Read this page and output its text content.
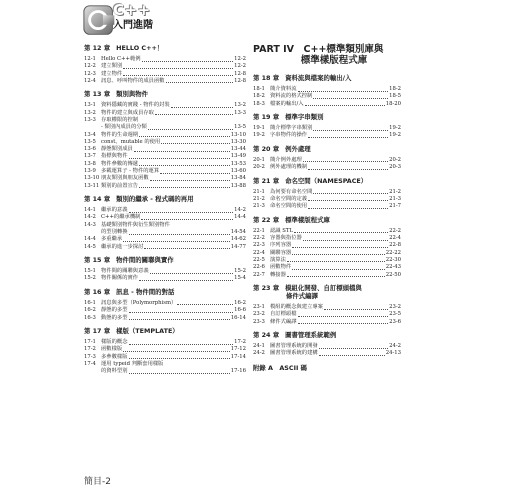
C++
入門進階
第 12 章 HELLO C++！
12-1 Hello C++範例	12-2
12-2 建立類別	12-2
12-3 建立物件	12-8
12-4 訊息、呼叫物件的成員函數	12-8
第 13 章 類別與物件
13-1 資料隱藏的實踐 - 物件的封裝	13-2
13-2 物件的建立與成員存取	13-3
13-3 存取權限的控制
- 類別內成員的分類	13-5
13-4 物件的生命週期	13-10
13-5 const、mutable 的使用	13-30
13-6 靜態類別成員	13-44
13-7 指標與物件	13-49
13-8 物件參數的傳遞	13-53
13-9 多載運算子 - 物件的運算	13-60
13-10 朋友類別與朋友函數	13-84
13-11 類別的前置宣告	13-88
第 14 章 類別的繼承 - 程式碼的再用
14-1 繼承的意義	14-2
14-2 C++的繼承機制	14-4
14-3 基礎類別物件與衍生類別物件
的型別轉換	14-54
14-4 多重繼承	14-62
14-5 繼承的進一步探討	14-77
第 15 章 物件間的關聯與實作
15-1 物件間的關聯與意義	15-2
15-2 物件關係的實作	15-4
第 16 章 訊息 - 物件間的對話
16-1 訊息與多型（Polymorphism）	16-2
16-2 靜態的多型	16-6
16-3 動態的多型	16-14
第 17 章 樣版（TEMPLATE）
17-1 樣版的概念	17-2
17-2 函數樣版	17-12
17-3 多參數樣版	17-14
17-4 運用 typeid 判斷套用樣版
的資料型別	17-16
PART IV　C++標準類別庫與
標準樣版程式庫
第 18 章 資料流與檔案的輸出/入
18-1 簡介資料流	18-2
18-2 資料流的格式控制	18-5
18-3 檔案的輸出/入	18-20
第 19 章 標準字串類別
19-1 簡介標準字串類別	19-2
19-2 字串物件的操作	19-2
第 20 章 例外處理
20-1 簡介例外處理	20-2
20-2 例外處理的機制	20-3
第 21 章 命名空間（NAMESPACE）
21-1 為何要有命名空間	21-2
21-2 命名空間的定義	21-3
21-3 命名空間的使用	21-7
第 22 章 標準樣版程式庫
22-1 認識 STL	22-2
22-2 容器與指位器	22-4
22-3 序列容器	22-8
22-4 關聯容器	22-22
22-5 演算法	22-30
22-6 函數物件	22-43
22-7 轉接器	22-50
第 23 章 模組化開發、自訂標頭檔與
條件式編譯
23-1 模組的概念與建立專案	23-2
23-2 自訂標頭檔	23-5
23-3 條件式編譯	23-6
第 24 章 圖書管理系統範例
24-1 圖書管理系統的開發	24-2
24-2 圖書管理系統的建構	24-13
附錄 A　ASCII 碼
簡目-2
